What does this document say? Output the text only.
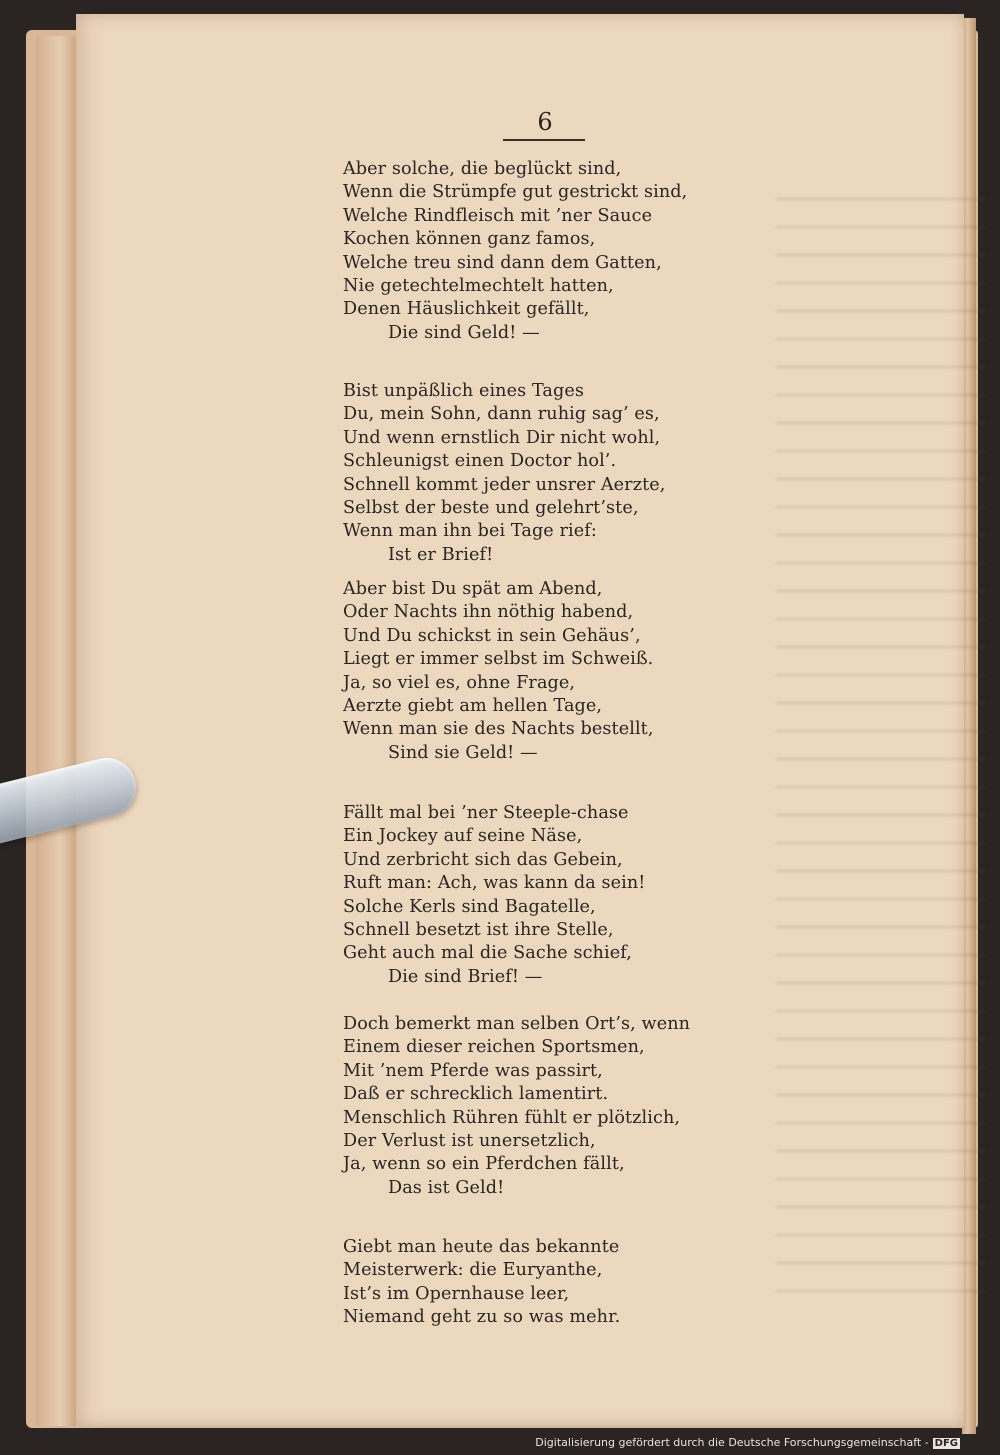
6
Aber solche, die beglückt sind,
Wenn die Strümpfe gut gestrickt sind,
Welche Rindfleisch mit ’ner Sauce
Kochen können ganz famos,
Welche treu sind dann dem Gatten,
Nie getechtelmechtelt hatten,
Denen Häuslichkeit gefällt,
Die sind Geld! —
Bist unpäßlich eines Tages
Du, mein Sohn, dann ruhig sag’ es,
Und wenn ernstlich Dir nicht wohl,
Schleunigst einen Doctor hol’.
Schnell kommt jeder unsrer Aerzte,
Selbst der beste und gelehrt’ste,
Wenn man ihn bei Tage rief:
Ist er Brief!
Aber bist Du spät am Abend,
Oder Nachts ihn nöthig habend,
Und Du schickst in sein Gehäus’,
Liegt er immer selbst im Schweiß.
Ja, so viel es, ohne Frage,
Aerzte giebt am hellen Tage,
Wenn man sie des Nachts bestellt,
Sind sie Geld! —
Fällt mal bei ’ner Steeple-chase
Ein Jockey auf seine Näse,
Und zerbricht sich das Gebein,
Ruft man: Ach, was kann da sein!
Solche Kerls sind Bagatelle,
Schnell besetzt ist ihre Stelle,
Geht auch mal die Sache schief,
Die sind Brief! —
Doch bemerkt man selben Ort’s, wenn
Einem dieser reichen Sportsmen,
Mit ’nem Pferde was passirt,
Daß er schrecklich lamentirt.
Menschlich Rühren fühlt er plötzlich,
Der Verlust ist unersetzlich,
Ja, wenn so ein Pferdchen fällt,
Das ist Geld!
Giebt man heute das bekannte
Meisterwerk: die Euryanthe,
Ist’s im Opernhause leer,
Niemand geht zu so was mehr.
Digitalisierung gefördert durch die Deutsche Forschungsgemeinschaft - DFG
